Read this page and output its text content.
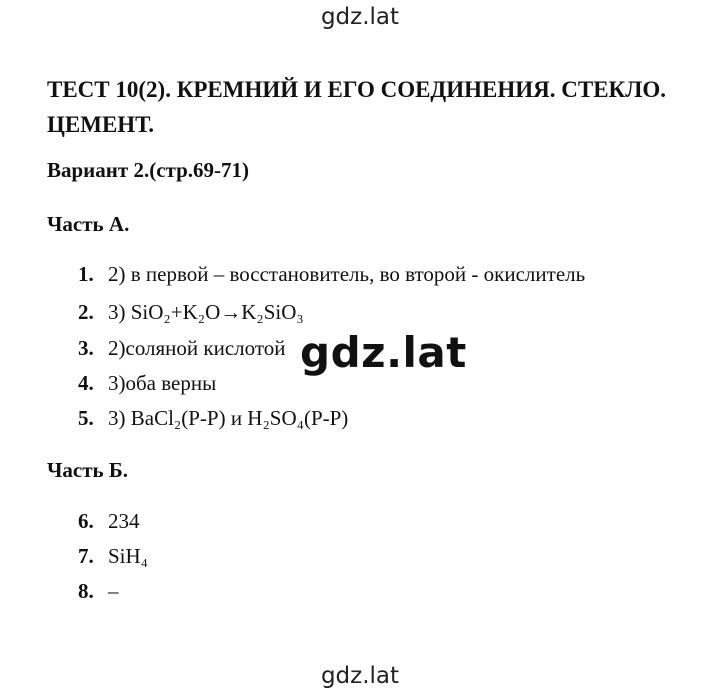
gdz.lat
ТЕСТ 10(2). КРЕМНИЙ И ЕГО СОЕДИНЕНИЯ. СТЕКЛО. ЦЕМЕНТ.
Вариант 2.(стр.69-71)
Часть А.
1. 2) в первой – восстановитель, во второй - окислитель
2. 3) SiO₂+K₂O→K₂SiO₃
3. 2)соляной кислотой
4. 3)оба верны
5. 3) BaCl₂(Р-Р) и H₂SO₄(Р-Р)
Часть Б.
6. 234
7. SiH₄
8. –
gdz.lat
gdz.lat
